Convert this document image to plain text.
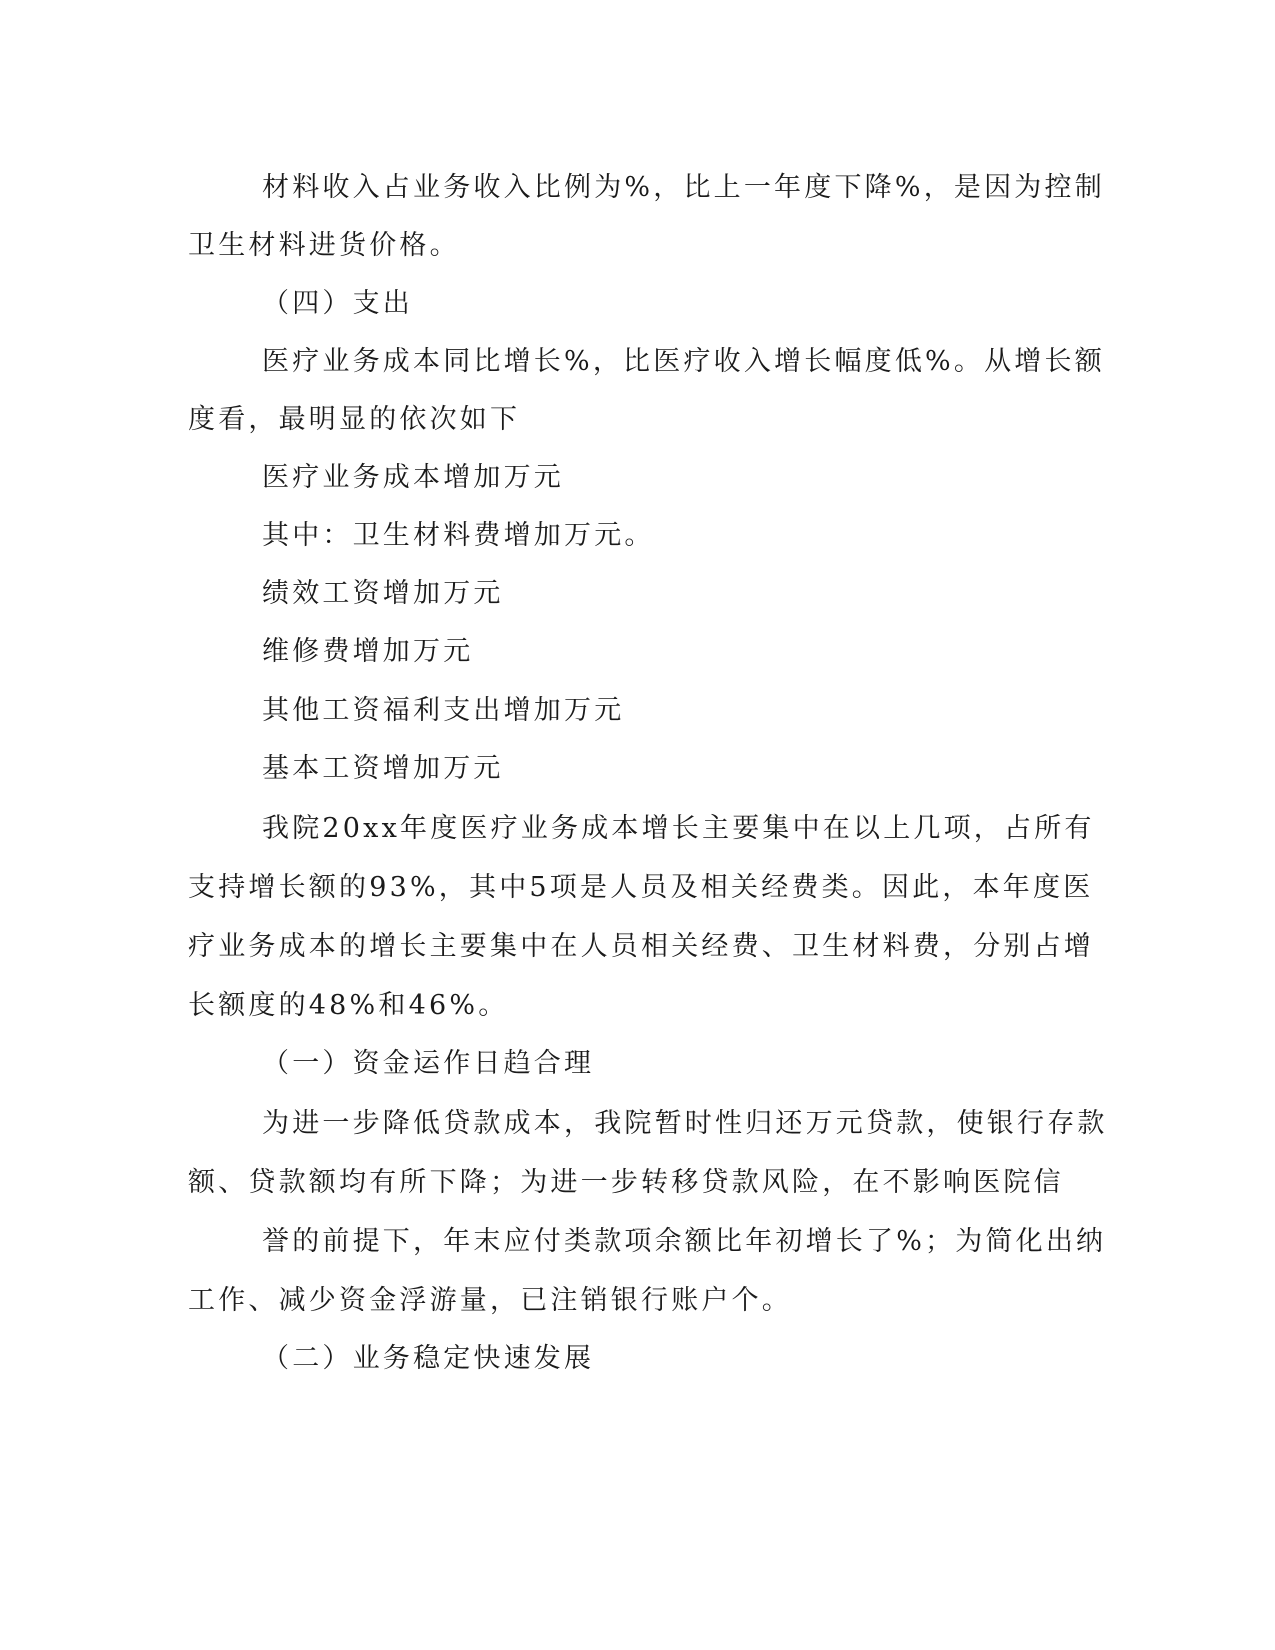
材料收入占业务收入比例为%，比上一年度下降%，是因为控制
卫生材料进货价格。
（四）支出
医疗业务成本同比增长%，比医疗收入增长幅度低%。从增长额
度看，最明显的依次如下
医疗业务成本增加万元
其中：卫生材料费增加万元。
绩效工资增加万元
维修费增加万元
其他工资福利支出增加万元
基本工资增加万元
我院20xx年度医疗业务成本增长主要集中在以上几项，占所有
支持增长额的93%，其中5项是人员及相关经费类。因此，本年度医
疗业务成本的增长主要集中在人员相关经费、卫生材料费，分别占增
长额度的48%和46%。
（一）资金运作日趋合理
为进一步降低贷款成本，我院暂时性归还万元贷款，使银行存款
额、贷款额均有所下降；为进一步转移贷款风险，在不影响医院信
誉的前提下，年末应付类款项余额比年初增长了%；为简化出纳
工作、减少资金浮游量，已注销银行账户个。
（二）业务稳定快速发展
